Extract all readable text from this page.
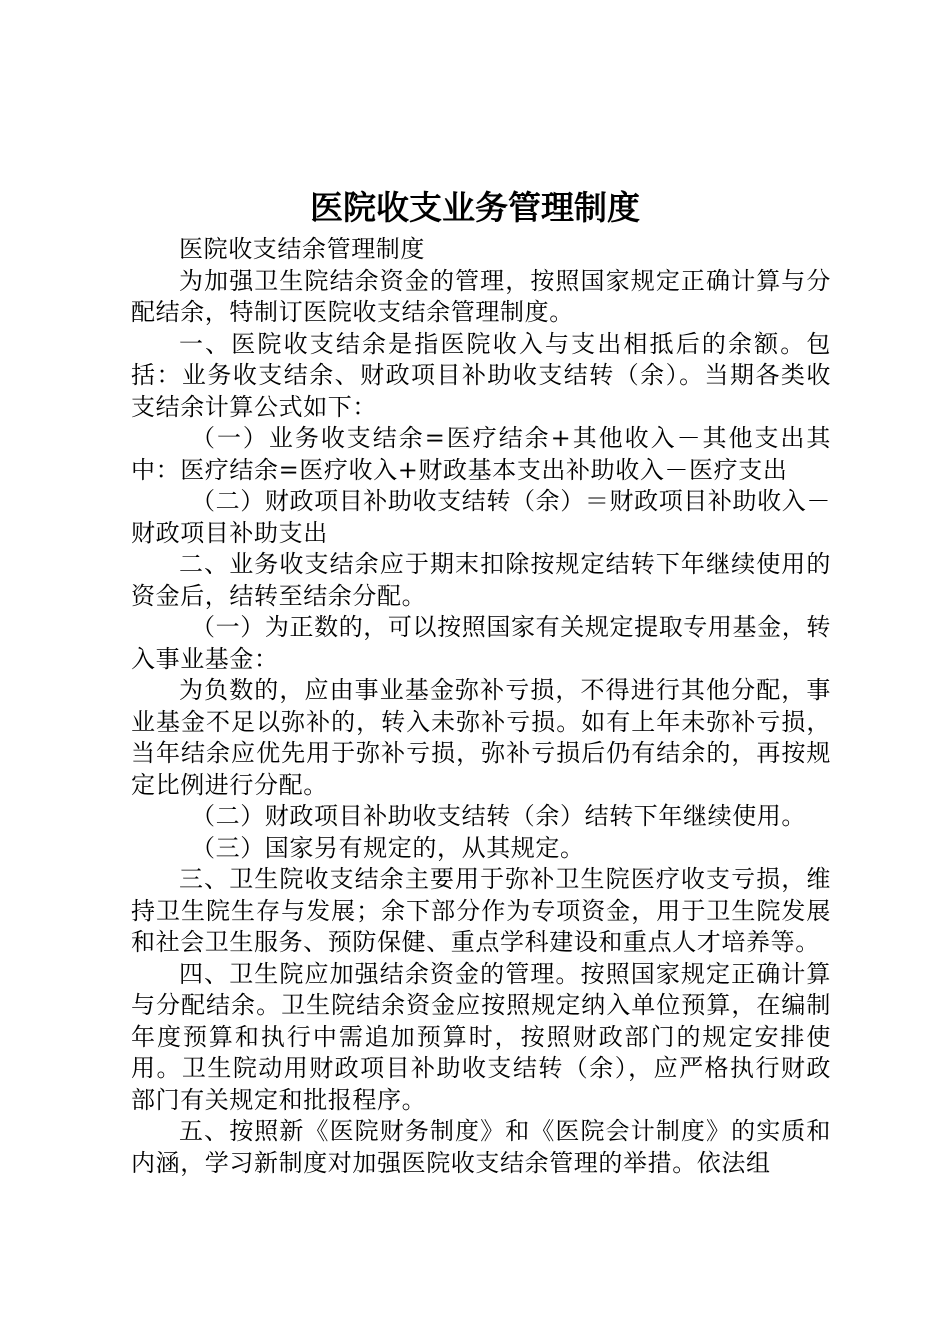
医院收支业务管理制度

医院收支结余管理制度

为加强卫生院结余资金的管理，按照国家规定正确计算与分配结余，特制订医院收支结余管理制度。

一、医院收支结余是指医院收入与支出相抵后的余额。包括：业务收支结余、财政项目补助收支结转（余）。当期各类收支结余计算公式如下：

（一）业务收支结余=医疗结余+其他收入－其他支出其中：医疗结余=医疗收入+财政基本支出补助收入－医疗支出

（二）财政项目补助收支结转（余）＝财政项目补助收入－财政项目补助支出

二、业务收支结余应于期末扣除按规定结转下年继续使用的资金后，结转至结余分配。

（一）为正数的，可以按照国家有关规定提取专用基金，转入事业基金：

为负数的，应由事业基金弥补亏损，不得进行其他分配，事业基金不足以弥补的，转入未弥补亏损。如有上年未弥补亏损，当年结余应优先用于弥补亏损，弥补亏损后仍有结余的，再按规定比例进行分配。

（二）财政项目补助收支结转（余）结转下年继续使用。

（三）国家另有规定的，从其规定。

三、卫生院收支结余主要用于弥补卫生院医疗收支亏损，维持卫生院生存与发展；余下部分作为专项资金，用于卫生院发展和社会卫生服务、预防保健、重点学科建设和重点人才培养等。

四、卫生院应加强结余资金的管理。按照国家规定正确计算与分配结余。卫生院结余资金应按照规定纳入单位预算，在编制年度预算和执行中需追加预算时，按照财政部门的规定安排使用。卫生院动用财政项目补助收支结转（余），应严格执行财政部门有关规定和批报程序。

五、按照新《医院财务制度》和《医院会计制度》的实质和内涵，学习新制度对加强医院收支结余管理的举措。依法组
